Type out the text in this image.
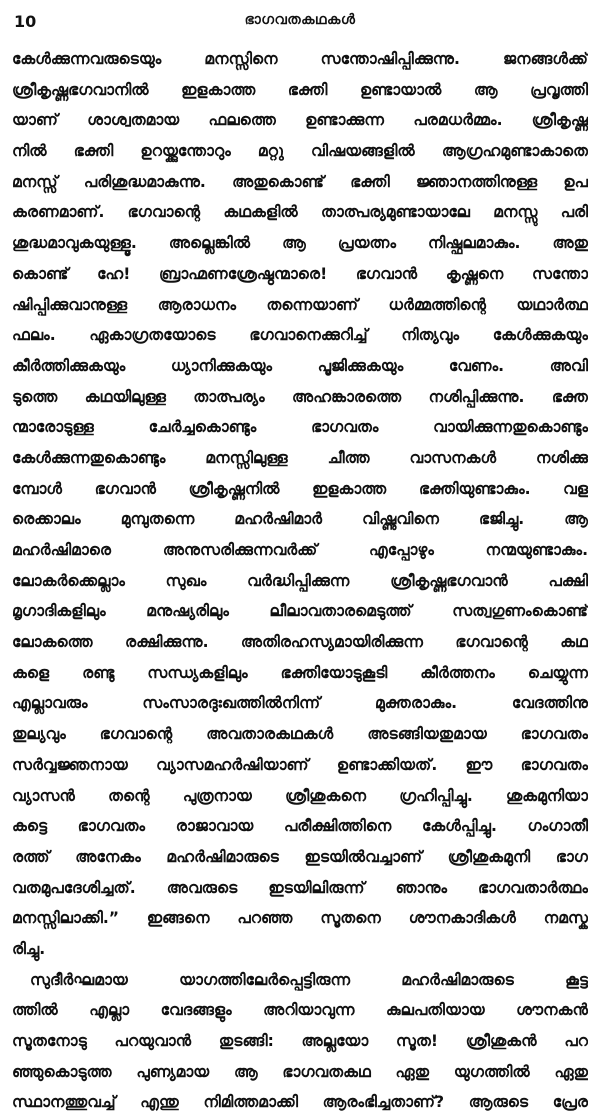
10	ഭാഗവതകഥകൾ
കേൾക്കുന്നവരുടെയും മനസ്സിനെ സന്തോഷിപ്പിക്കുന്നു. ജനങ്ങൾക്ക്
ശ്രീകൃഷ്ണഭഗവാനിൽ ഇളകാത്ത ഭക്തി ഉണ്ടായാൽ ആ പ്രവൃത്തി
യാണ് ശാശ്വതമായ ഫലത്തെ ഉണ്ടാക്കുന്ന പരമധർമ്മം. ശ്രീകൃഷ്ണ
നിൽ ഭക്തി ഉറയ്ക്കുന്തോറും മറ്റു വിഷയങ്ങളിൽ ആഗ്രഹമുണ്ടാകാതെ
മനസ്സ് പരിശുദ്ധമാകുന്നു. അതുകൊണ്ട് ഭക്തി ജ്ഞാനത്തിനുള്ള ഉപ
കരണമാണ്. ഭഗവാന്റെ കഥകളിൽ താത്പര്യമുണ്ടായാലേ മനസ്സു പരി
ശുദ്ധമാവുകയുള്ളൂ. അല്ലെങ്കിൽ ആ പ്രയത്നം നിഷ്ഫലമാകും. അതു
കൊണ്ട് ഹേ! ബ്രാഹ്മണശ്രേഷ്ഠന്മാരെ! ഭഗവാൻ കൃഷ്ണനെ സന്തോ
ഷിപ്പിക്കുവാനുള്ള ആരാധനം തന്നെയാണ് ധർമ്മത്തിന്റെ യഥാർത്ഥ
ഫലം. ഏകാഗ്രതയോടെ ഭഗവാനെക്കുറിച്ച് നിത്യവും കേൾക്കുകയും
കീർത്തിക്കുകയും ധ്യാനിക്കുകയും പൂജിക്കുകയും വേണം. അവി
ടുത്തെ കഥയിലുള്ള താത്പര്യം അഹങ്കാരത്തെ നശിപ്പിക്കുന്നു. ഭക്ത
ന്മാരോടുള്ള ചേർച്ചകൊണ്ടും ഭാഗവതം വായിക്കുന്നതുകൊണ്ടും
കേൾക്കുന്നതുകൊണ്ടും മനസ്സിലുള്ള ചീത്ത വാസനകൾ നശിക്കു
മ്പോൾ ഭഗവാൻ ശ്രീകൃഷ്ണനിൽ ഇളകാത്ത ഭക്തിയുണ്ടാകും. വള
രെക്കാലം മുമ്പുതന്നെ മഹർഷിമാർ വിഷ്ണുവിനെ ഭജിച്ചു. ആ
മഹർഷിമാരെ അനുസരിക്കുന്നവർക്ക് എപ്പോഴും നന്മയുണ്ടാകും.
ലോകർക്കെല്ലാം സുഖം വർദ്ധിപ്പിക്കുന്ന ശ്രീകൃഷ്ണഭഗവാൻ പക്ഷി
മൃഗാദികളിലും മനുഷ്യരിലും ലീലാവതാരമെടുത്ത് സത്വഗുണംകൊണ്ട്
ലോകത്തെ രക്ഷിക്കുന്നു. അതിരഹസ്യമായിരിക്കുന്ന ഭഗവാന്റെ കഥ
കളെ രണ്ടു സന്ധ്യകളിലും ഭക്തിയോടുകൂടി കീർത്തനം ചെയ്യുന്ന
എല്ലാവരും സംസാരദുഃഖത്തിൽനിന്ന് മുക്തരാകും. വേദത്തിനു
തുല്യവും ഭഗവാന്റെ അവതാരകഥകൾ അടങ്ങിയതുമായ ഭാഗവതം
സർവ്വജ്ഞനായ വ്യാസമഹർഷിയാണ് ഉണ്ടാക്കിയത്. ഈ ഭാഗവതം
വ്യാസൻ തന്റെ പുത്രനായ ശ്രീശുകനെ ഗ്രഹിപ്പിച്ചു. ശുകമുനിയാ
കട്ടെ ഭാഗവതം രാജാവായ പരീക്ഷിത്തിനെ കേൾപ്പിച്ചു. ഗംഗാതീ
രത്ത് അനേകം മഹർഷിമാരുടെ ഇടയിൽവച്ചാണ് ശ്രീശുകമുനി ഭാഗ
വതമുപദേശിച്ചത്. അവരുടെ ഇടയിലിരുന്ന് ഞാനും ഭാഗവതാർത്ഥം
മനസ്സിലാക്കി.” ഇങ്ങനെ പറഞ്ഞ സൂതനെ ശൗനകാദികൾ നമസ്ക
രിച്ചു.
സുദീർഘമായ യാഗത്തിലേർപ്പെട്ടിരുന്ന മഹർഷിമാരുടെ കൂട്ട
ത്തിൽ എല്ലാ വേദങ്ങളും അറിയാവുന്ന കുലപതിയായ ശൗനകൻ
സൂതനോടു പറയുവാൻ തുടങ്ങി: അല്ലയോ സൂത! ശ്രീശുകൻ പറ
ഞ്ഞുകൊടുത്ത പുണ്യമായ ആ ഭാഗവതകഥ ഏതു യുഗത്തിൽ ഏതു
സ്ഥാനത്തുവച്ച് എന്തു നിമിത്തമാക്കി ആരംഭിച്ചതാണ്? ആരുടെ പ്രേര
